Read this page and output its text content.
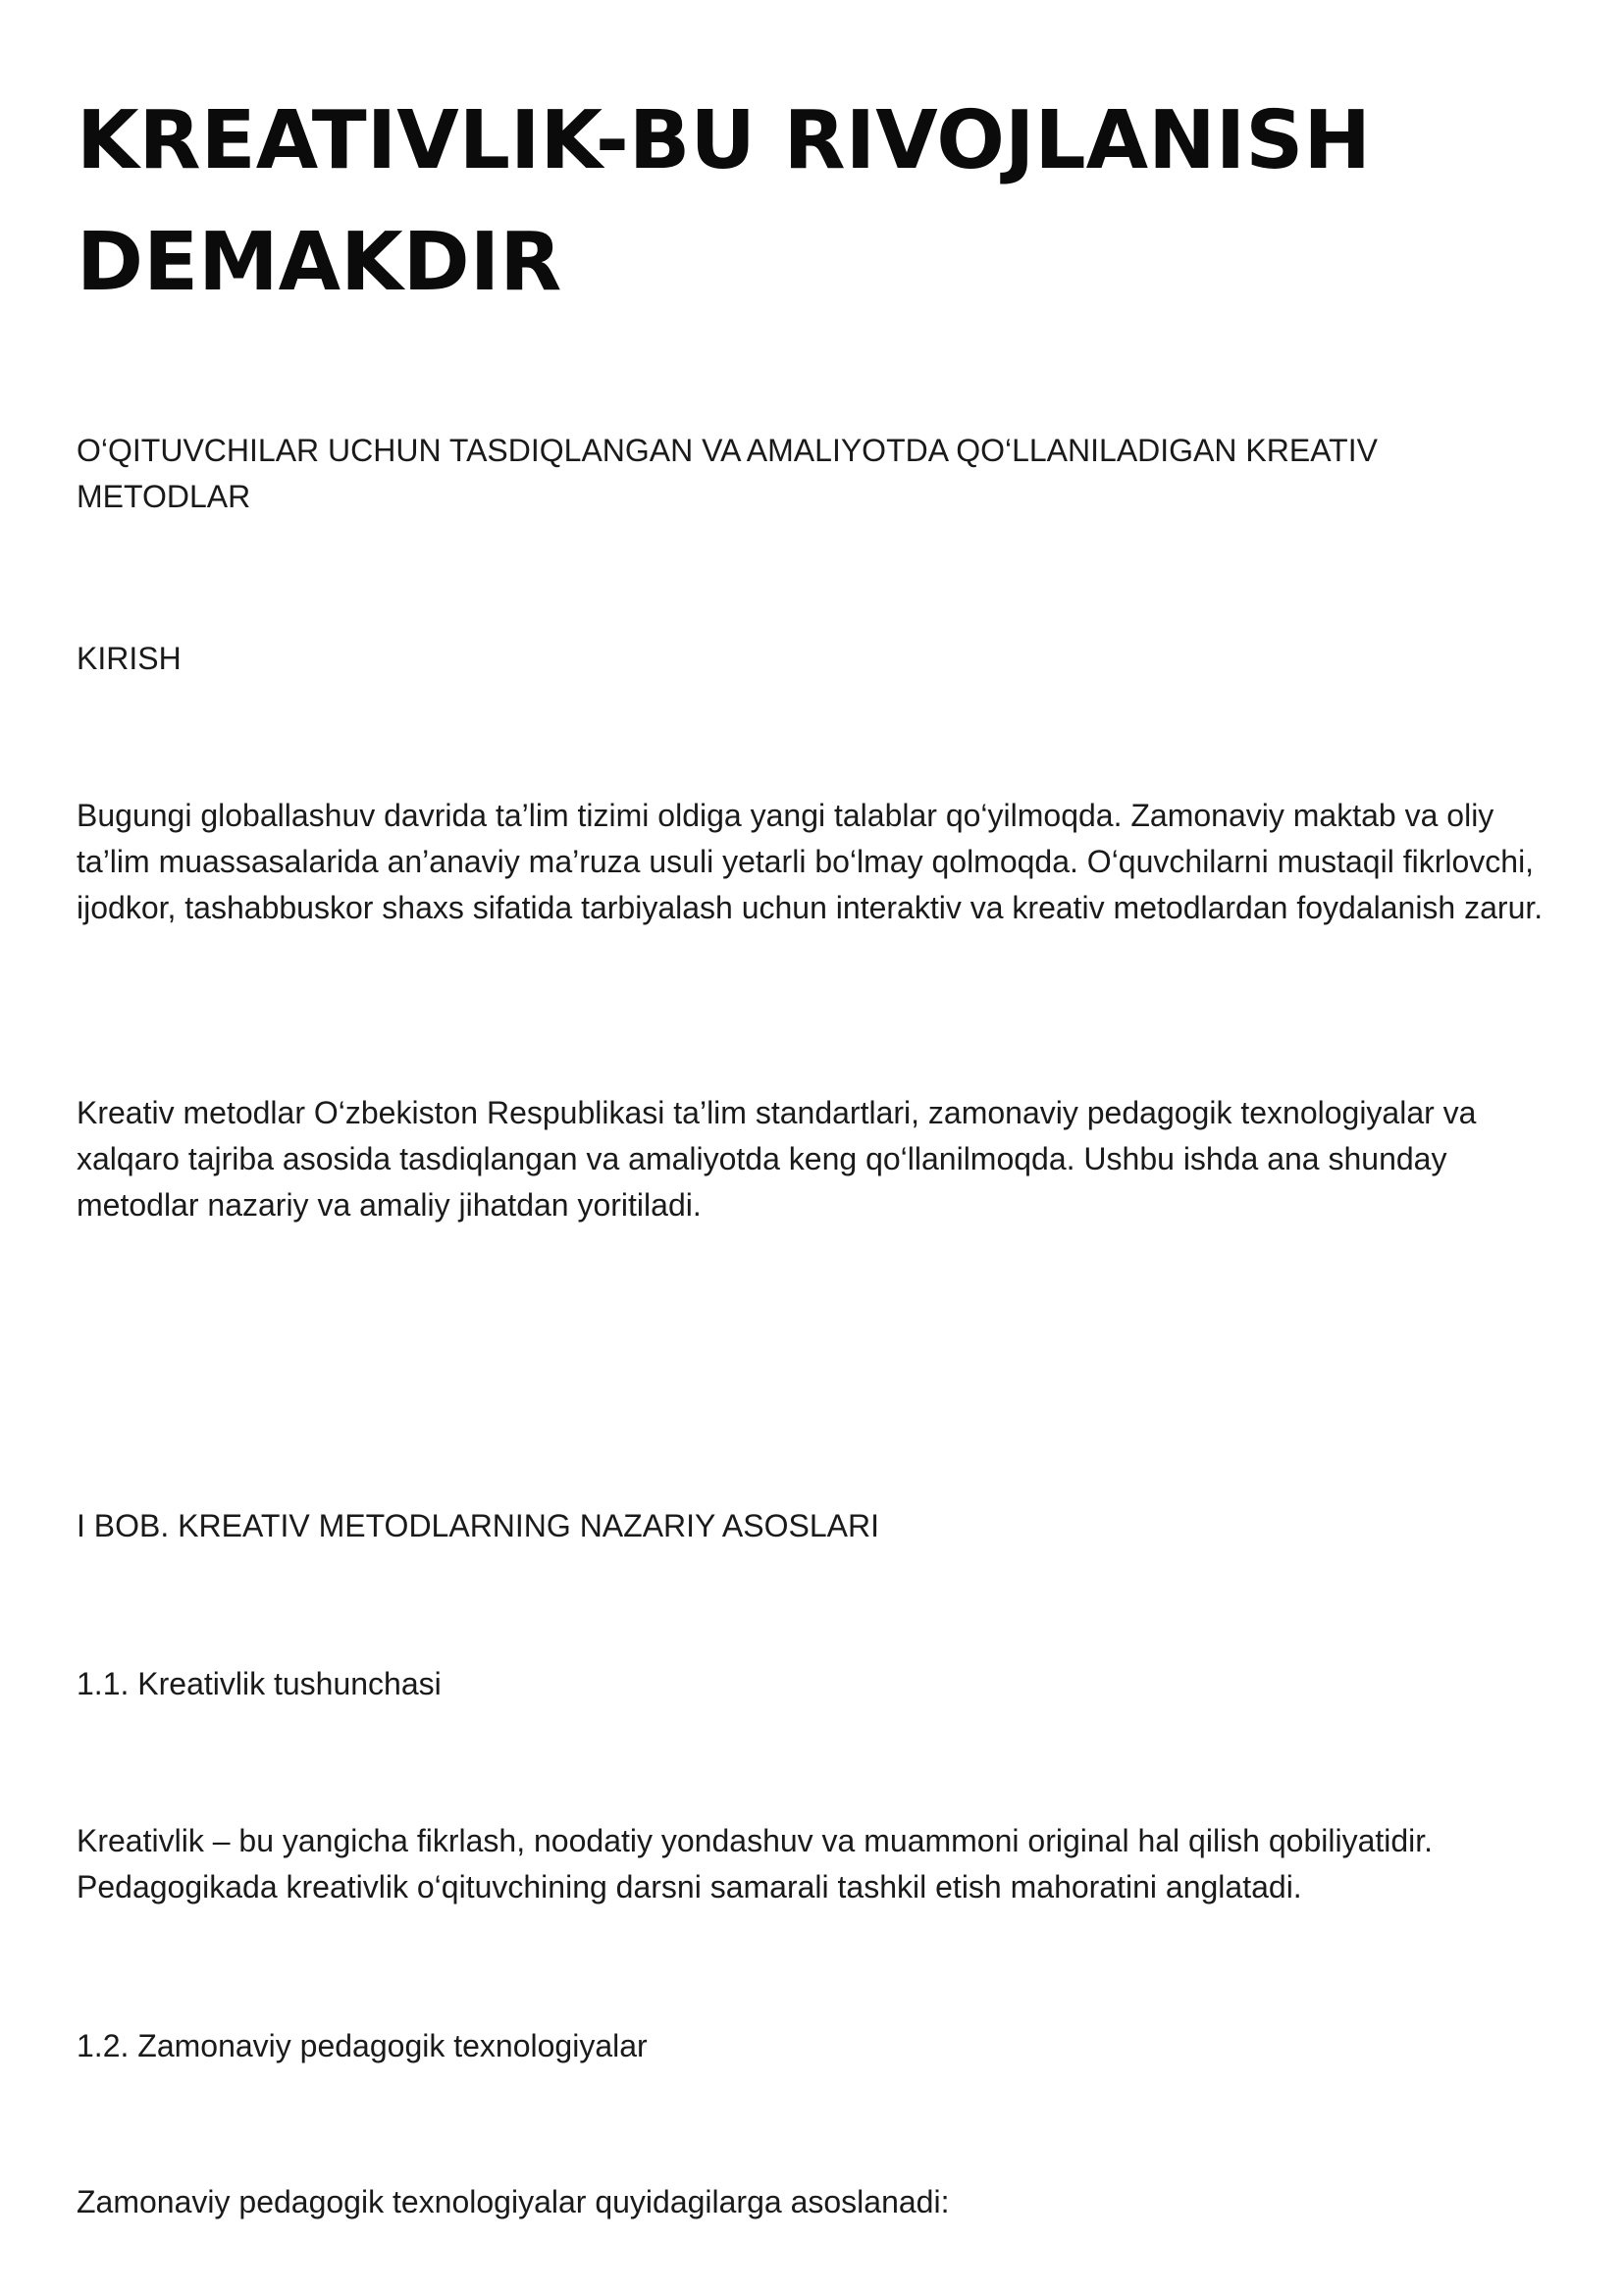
KREATIVLIK-BU RIVOJLANISH DEMAKDIR

O‘QITUVCHILAR UCHUN TASDIQLANGAN VA AMALIYOTDA QO‘LLANILADIGAN KREATIV METODLAR

KIRISH

Bugungi globallashuv davrida ta’lim tizimi oldiga yangi talablar qo‘yilmoqda. Zamonaviy maktab va oliy ta’lim muassasalarida an’anaviy ma’ruza usuli yetarli bo‘lmay qolmoqda. O‘quvchilarni mustaqil fikrlovchi, ijodkor, tashabbuskor shaxs sifatida tarbiyalash uchun interaktiv va kreativ metodlardan foydalanish zarur.

Kreativ metodlar O‘zbekiston Respublikasi ta’lim standartlari, zamonaviy pedagogik texnologiyalar va xalqaro tajriba asosida tasdiqlangan va amaliyotda keng qo‘llanilmoqda. Ushbu ishda ana shunday metodlar nazariy va amaliy jihatdan yoritiladi.

I BOB. KREATIV METODLARNING NAZARIY ASOSLARI

1.1. Kreativlik tushunchasi

Kreativlik – bu yangicha fikrlash, noodatiy yondashuv va muammoni original hal qilish qobiliyatidir. Pedagogikada kreativlik o‘qituvchining darsni samarali tashkil etish mahoratini anglatadi.

1.2. Zamonaviy pedagogik texnologiyalar

Zamonaviy pedagogik texnologiyalar quyidagilarga asoslanadi:
